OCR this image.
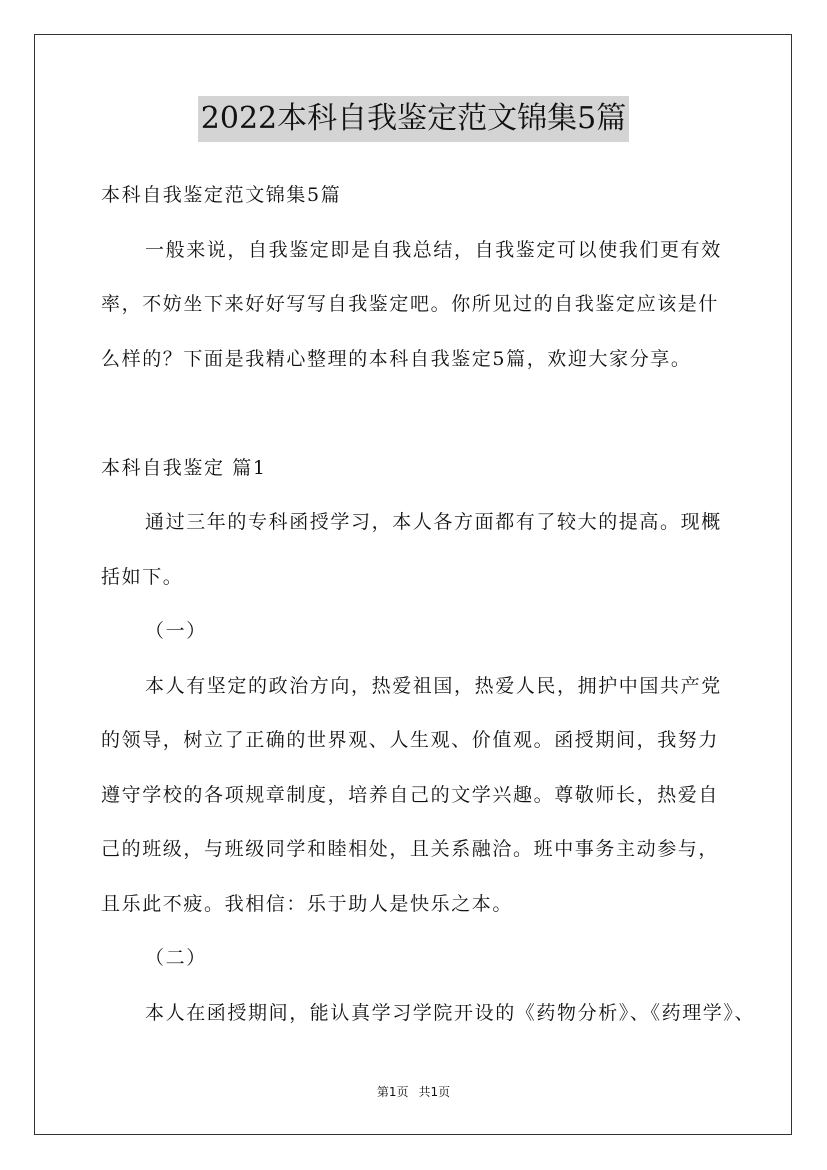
2022本科自我鉴定范文锦集5篇
本科自我鉴定范文锦集5篇
一般来说，自我鉴定即是自我总结，自我鉴定可以使我们更有效
率，不妨坐下来好好写写自我鉴定吧。你所见过的自我鉴定应该是什
么样的？下面是我精心整理的本科自我鉴定5篇，欢迎大家分享。
本科自我鉴定 篇1
通过三年的专科函授学习，本人各方面都有了较大的提高。现概
括如下。
（一）
本人有坚定的政治方向，热爱祖国，热爱人民，拥护中国共产党
的领导，树立了正确的世界观、人生观、价值观。函授期间，我努力
遵守学校的各项规章制度，培养自己的文学兴趣。尊敬师长，热爱自
己的班级，与班级同学和睦相处，且关系融洽。班中事务主动参与，
且乐此不疲。我相信：乐于助人是快乐之本。
（二）
本人在函授期间，能认真学习学院开设的《药物分析》、《药理学》、
第1页 共1页
